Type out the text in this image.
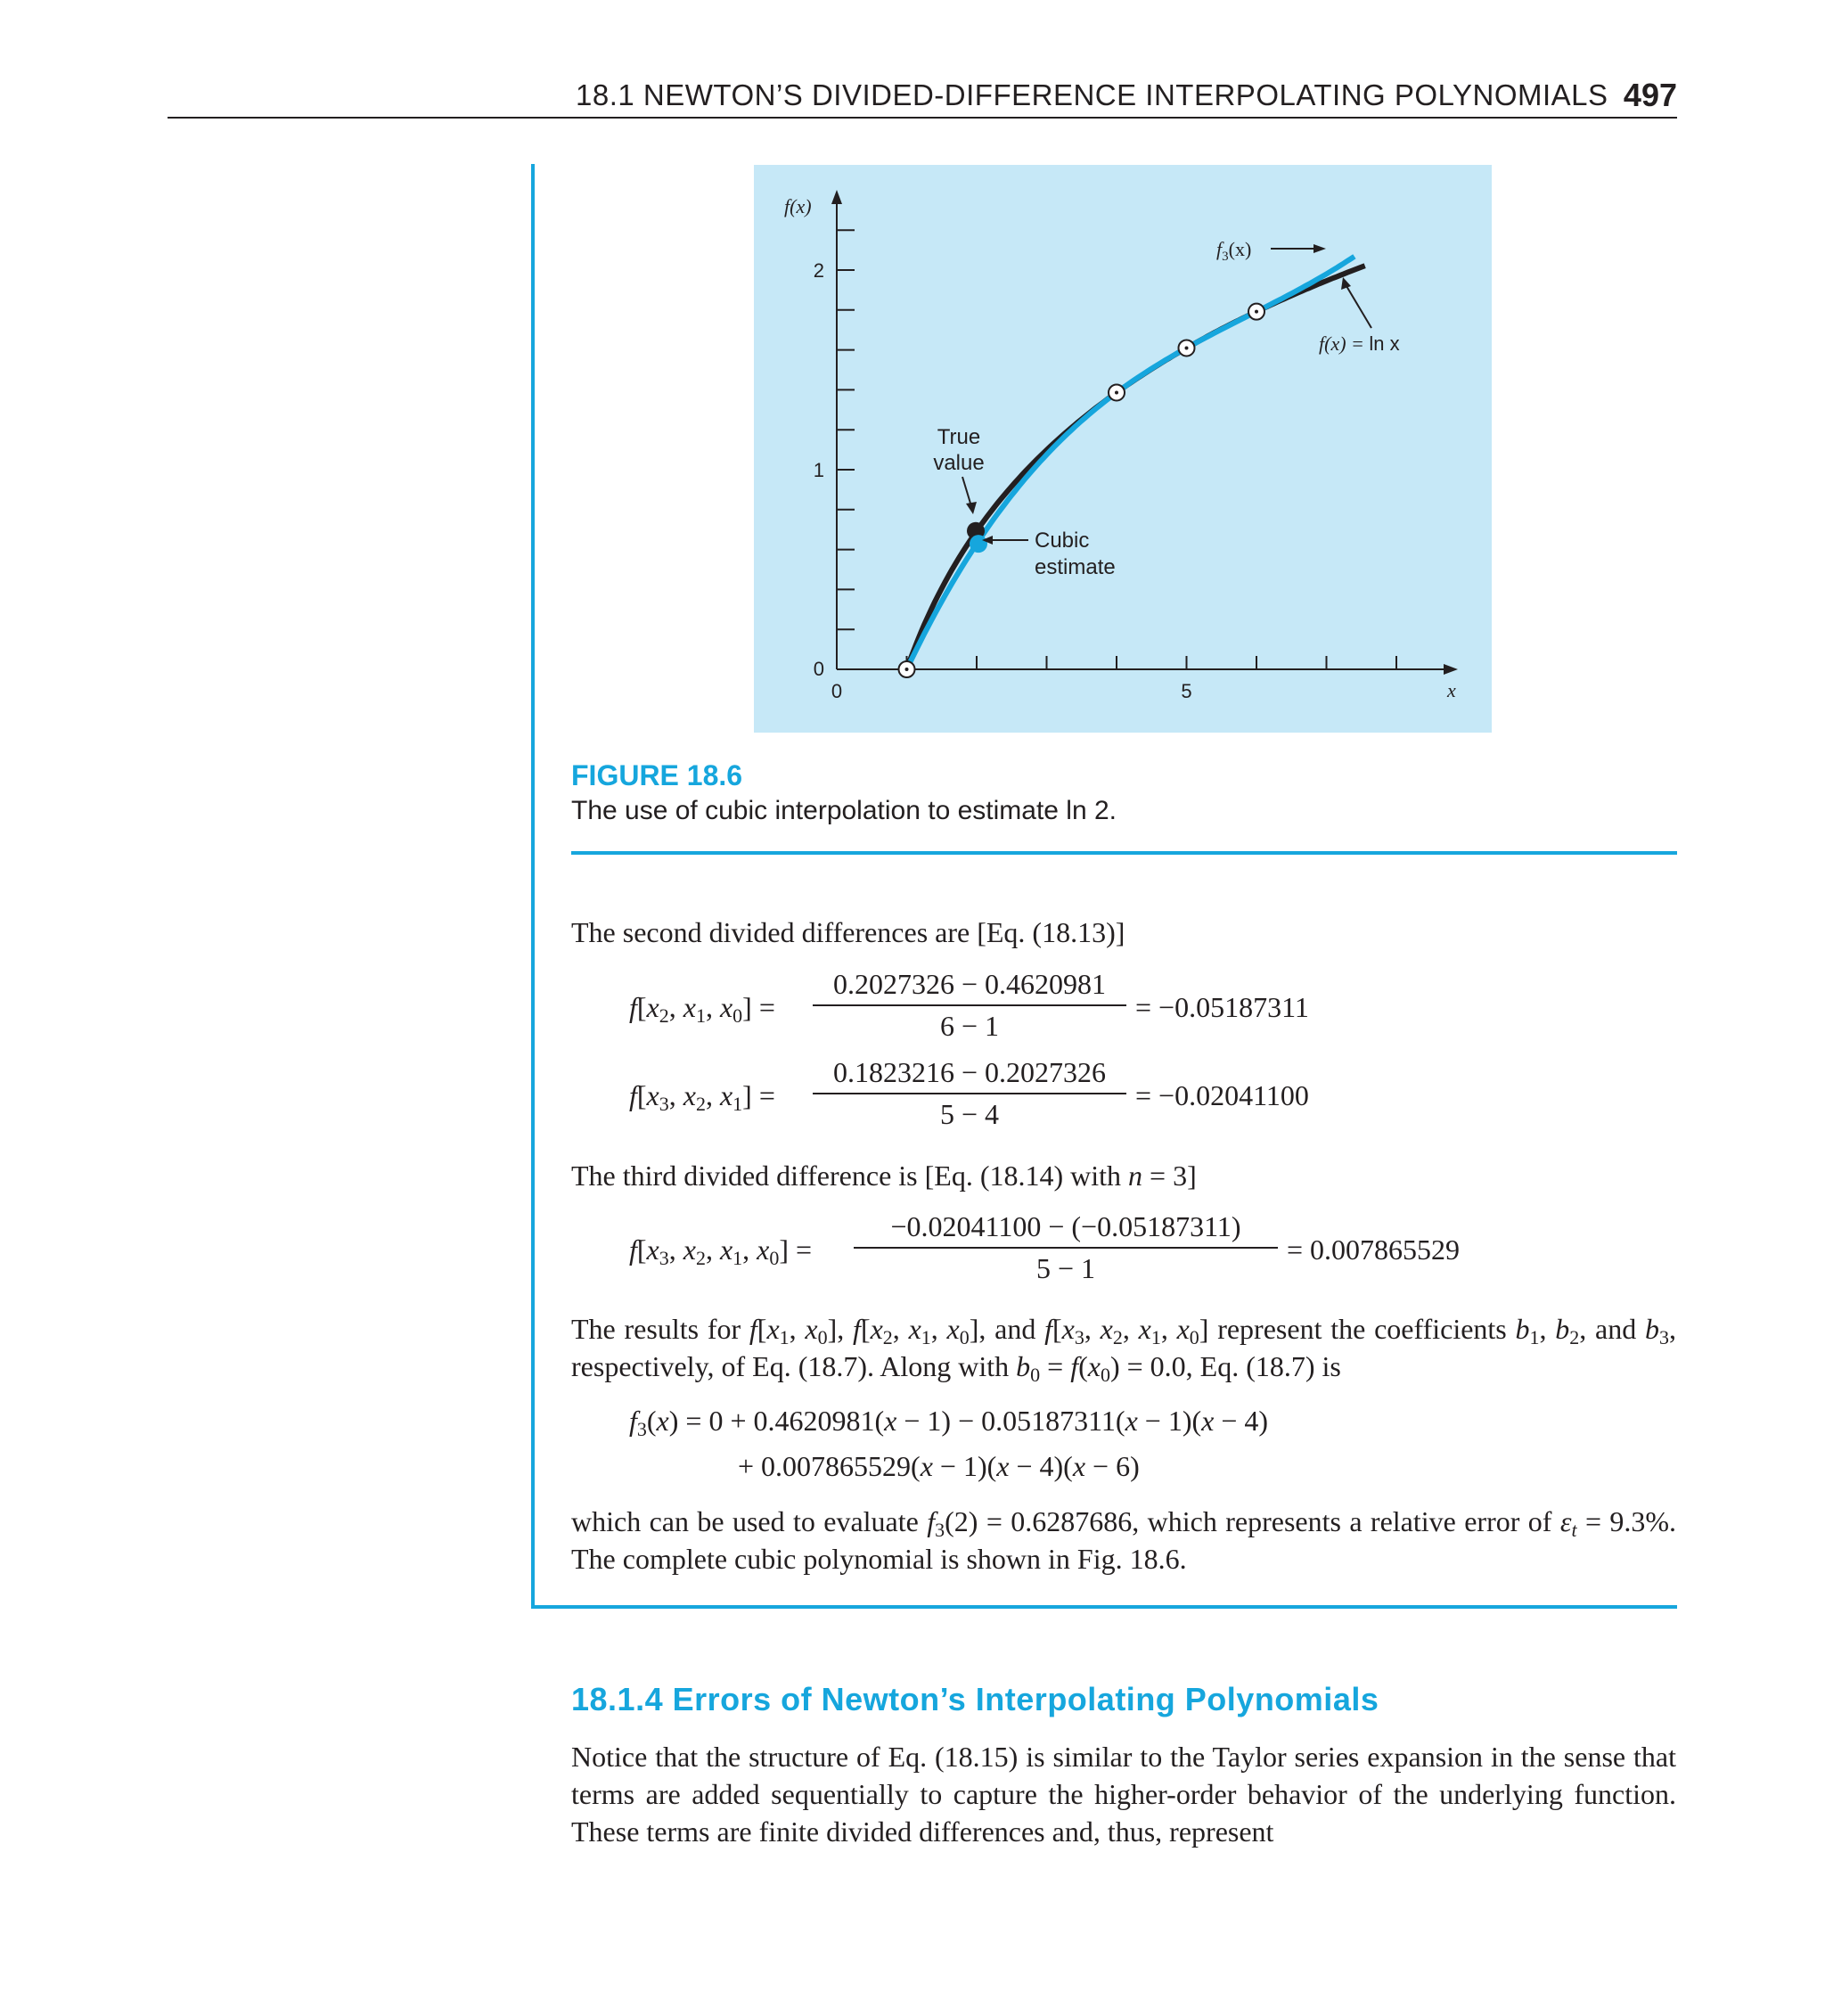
18.1 NEWTON’S DIVIDED-DIFFERENCE INTERPOLATING POLYNOMIALS 497
0
1
2
0	5
f(x)
x
True
value
Cubic
estimate
$f_3(x)$
f(x) = ln x
FIGURE 18.6
The use of cubic interpolation to estimate ln 2.
The second divided differences are [Eq. (18.13)]
$f[x_2$, $x_1$, $x_0$] =
0.2027326 − 0.4620981
6 − 1
= −0.05187311
$f[x_3$, $x_2$, $x_1$] =
0.1823216 − 0.2027326
5 − 4
= −0.02041100
The third divided difference is [Eq. (18.14) with n = 3]
$f[x_3$, $x_2$, $x_1$, $x_0$] =
−0.02041100 − (−0.05187311)
5 − 1
= 0.007865529
The results for $f[x_1$, $x_0$], $f[x_2$, $x_1$, $x_0$], and $f[x_3$, $x_2$, $x_1$, $x_0$] represent the coefficients $b_1$, $b_2$, and $b_3$, respectively, of Eq. (18.7). Along with $b_0 = f(x_0) = 0.0$, Eq. (18.7) is
$f_3(x) = 0 + 0.4620981(x - 1) - 0.05187311(x - 1)(x - 4)$
+ 0.007865529(x − 1)(x − 4)(x − 6)
which can be used to evaluate $f_3(2) = 0.6287686$, which represents a relative error of $\varepsilon_t = 9.3\%$. The complete cubic polynomial is shown in Fig. 18.6.
18.1.4 Errors of Newton’s Interpolating Polynomials
Notice that the structure of Eq. (18.15) is similar to the Taylor series expansion in the sense that terms are added sequentially to capture the higher-order behavior of the underlying function. These terms are finite divided differences and, thus, represent
